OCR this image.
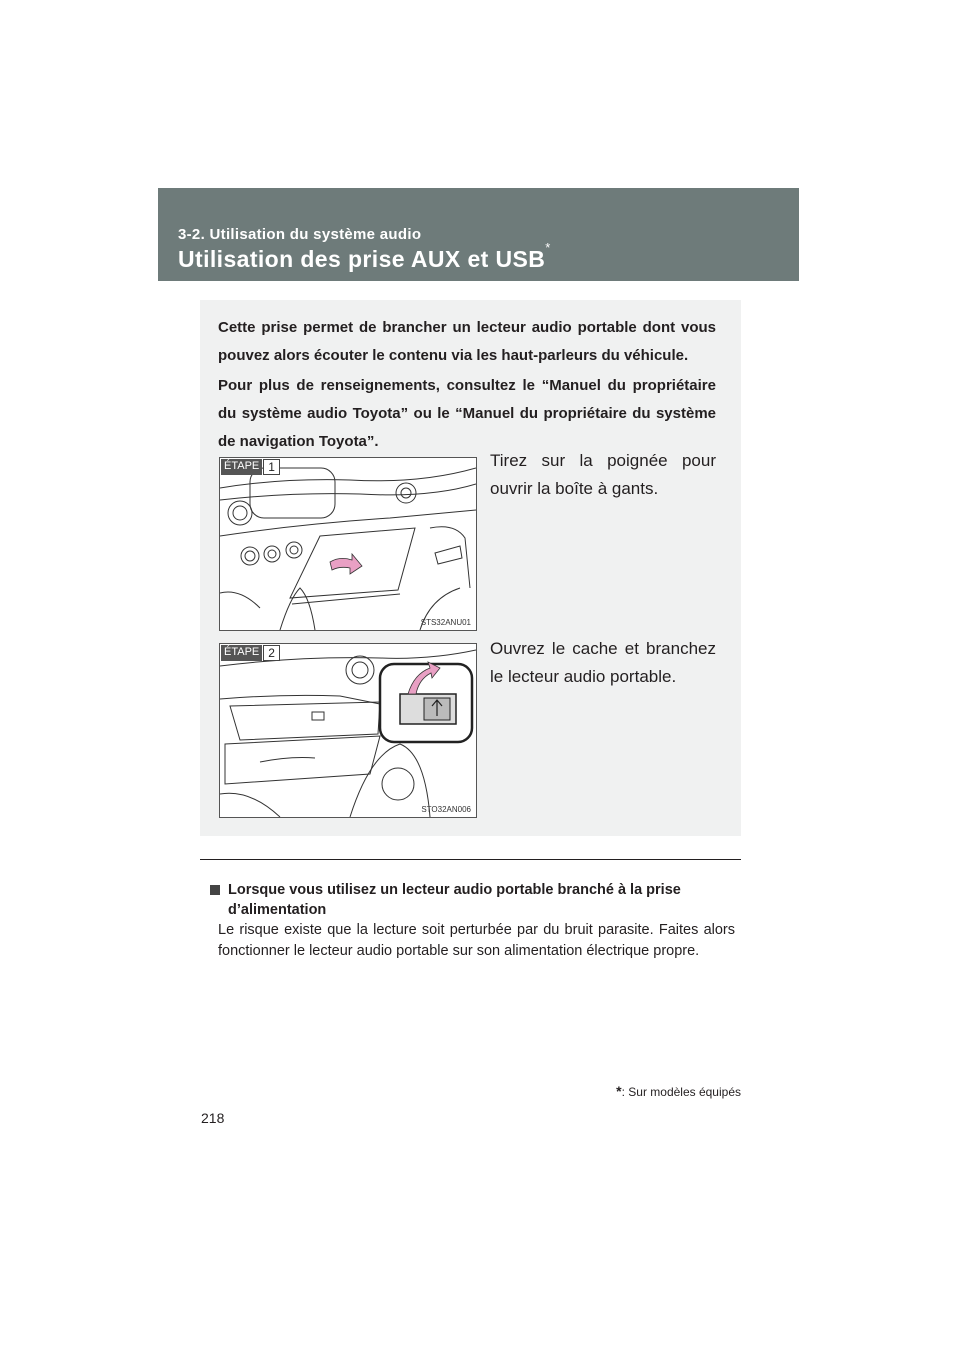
3-2. Utilisation du système audio
Utilisation des prise AUX et USB*

Cette prise permet de brancher un lecteur audio portable dont vous pouvez alors écouter le contenu via les haut-parleurs du véhicule.

Pour plus de renseignements, consultez le “Manuel du propriétaire du système audio Toyota” ou le “Manuel du propriétaire du système de navigation Toyota”.

ÉTAPE 1
STS32ANU01

Tirez sur la poignée pour ouvrir la boîte à gants.

ÉTAPE 2
STO32AN006

Ouvrez le cache et branchez le lecteur audio portable.

Lorsque vous utilisez un lecteur audio portable branché à la prise d’alimentation

Le risque existe que la lecture soit perturbée par du bruit parasite. Faites alors fonctionner le lecteur audio portable sur son alimentation électrique propre.

*: Sur modèles équipés
218
